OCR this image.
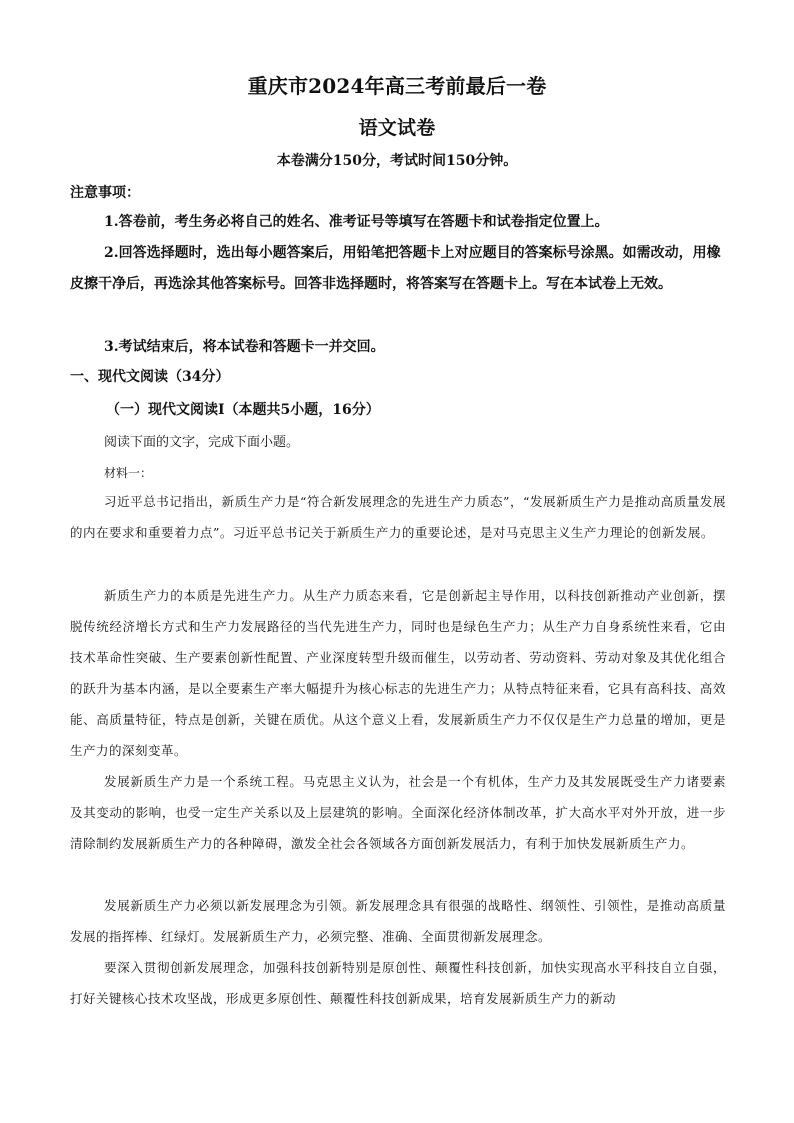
重庆市2024年高三考前最后一卷
语文试卷
本卷满分150分，考试时间150分钟。
注意事项：

1.答卷前，考生务必将自己的姓名、准考证号等填写在答题卡和试卷指定位置上。

2.回答选择题时，选出每小题答案后，用铅笔把答题卡上对应题目的答案标号涂黑。如需改动，用橡皮擦干净后，再选涂其他答案标号。回答非选择题时，将答案写在答题卡上。写在本试卷上无效。

3.考试结束后，将本试卷和答题卡一并交回。

一、现代文阅读（34分）
（一）现代文阅读I（本题共5小题，16分）
阅读下面的文字，完成下面小题。
材料一：

习近平总书记指出，新质生产力是“符合新发展理念的先进生产力质态”，“发展新质生产力是推动高质量发展的内在要求和重要着力点”。习近平总书记关于新质生产力的重要论述，是对马克思主义生产力理论的创新发展。

新质生产力的本质是先进生产力。从生产力质态来看，它是创新起主导作用，以科技创新推动产业创新，摆脱传统经济增长方式和生产力发展路径的当代先进生产力，同时也是绿色生产力；从生产力自身系统性来看，它由技术革命性突破、生产要素创新性配置、产业深度转型升级而催生，以劳动者、劳动资料、劳动对象及其优化组合的跃升为基本内涵，是以全要素生产率大幅提升为核心标志的先进生产力；从特点特征来看，它具有高科技、高效能、高质量特征，特点是创新，关键在质优。从这个意义上看，发展新质生产力不仅仅是生产力总量的增加，更是生产力的深刻变革。

发展新质生产力是一个系统工程。马克思主义认为，社会是一个有机体，生产力及其发展既受生产力诸要素及其变动的影响，也受一定生产关系以及上层建筑的影响。全面深化经济体制改革，扩大高水平对外开放，进一步清除制约发展新质生产力的各种障碍，激发全社会各领域各方面创新发展活力，有利于加快发展新质生产力。

发展新质生产力必须以新发展理念为引领。新发展理念具有很强的战略性、纲领性、引领性，是推动高质量发展的指挥棒、红绿灯。发展新质生产力，必须完整、准确、全面贯彻新发展理念。

要深入贯彻创新发展理念，加强科技创新特别是原创性、颠覆性科技创新，加快实现高水平科技自立自强，打好关键核心技术攻坚战，形成更多原创性、颠覆性科技创新成果，培育发展新质生产力的新动
